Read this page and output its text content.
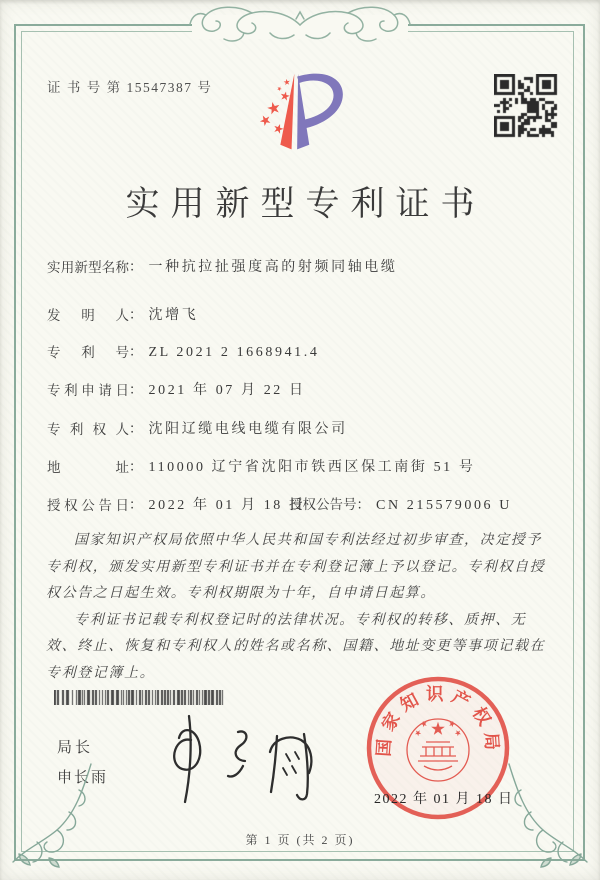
证 书 号 第 15547387 号
实用新型专利证书
实用新型名称： 一种抗拉扯强度高的射频同轴电缆
发明人： 沈增飞
专利号： ZL 2021 2 1668941.4
专利申请日： 2021 年 07 月 22 日
专利权人： 沈阳辽缆电线电缆有限公司
地址： 110000 辽宁省沈阳市铁西区保工南街 51 号
授权公告日： 2022 年 01 月 18 日
授权公告号： CN 215579006 U

国家知识产权局依照中华人民共和国专利法经过初步审查，决定授予专利权，颁发实用新型专利证书并在专利登记簿上予以登记。专利权自授权公告之日起生效。专利权期限为十年，自申请日起算。

专利证书记载专利权登记时的法律状况。专利权的转移、质押、无效、终止、恢复和专利权人的姓名或名称、国籍、地址变更等事项记载在专利登记簿上。

局长
申长雨
国家知识产权局
2022 年 01 月 18 日
第 1 页 (共 2 页)
